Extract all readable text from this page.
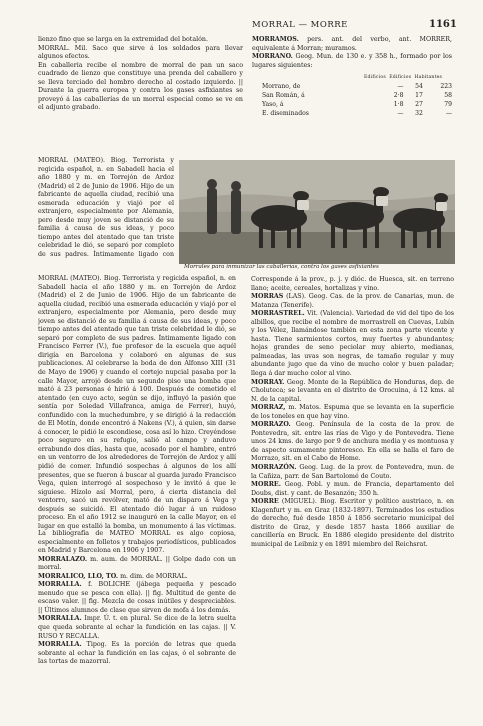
MORRAL — MORRE	1161

lienzo fino que se larga en la extremidad del botalón.

MORRAL. Mil. Saco que sirve á los soldados para llevar algunos efectos.

En caballería recibe el nombre de morral de pan un saco cuadrado de lienzo que constituye una prenda del caballero y se lleva terciado del hombro derecho al costado izquierdo. || Durante la guerra europea y contra los gases asfixiantes se proveyó á las caballerías de un morral especial como se ve en el adjunto grabado.

MORRAL (MATEO). Biog. Terrorista y regicida español, n. en Sabadell hacia el año 1880 y m. en Torrejón de Ardoz (Madrid) el 2 de Junio de 1906. Hijo de un fabricante de aquella ciudad, recibió una esmerada educación y viajó por el extranjero, especialmente por Alemania, pero desde muy joven se distanció de su familia á causa de sus ideas, y poco tiempo antes del atentado que tan triste celebridad le dió, se separó por completo de sus padres. Íntimamente ligado con

Morrales para inmunizar las caballerías, contra los gases asfixiantes

MORRAL (MATEO). Biog. Terrorista y regicida español, n. en Sabadell hacia el año 1880 y m. en Torrejón de Ardoz (Madrid) el 2 de Junio de 1906. Hijo de un fabricante de aquella ciudad, recibió una esmerada educación y viajó por el extranjero, especialmente por Alemania, pero desde muy joven se distanció de su familia á causa de sus ideas, y poco tiempo antes del atentado que tan triste celebridad le dió, se separó por completo de sus padres. Íntimamente ligado con Francisco Ferrer (V.), fue profesor de la escuela que aquél dirigía en Barcelona y colaboró en algunas de sus publicaciones. Al celebrarse la boda de don Alfonso XIII (31 de Mayo de 1906) y cuando el cortejo nupcial pasaba por la calle Mayor, arrojó desde un segundo piso una bomba que mató á 23 personas é hirió á 100. Después de cometido el atentado (en cuyo acto, según se dijo, influyó la pasión que sentía por Soledad Villafranca, amiga de Ferrer), huyó, confundido con la muchedumbre, y se dirigió á la redacción de El Motín, donde encontró á Nakens (V.), á quien, sin darse á conocer, le pidió le escondiese, cosa así lo hizo. Creyéndose poco seguro en su refugio, salió al campo y anduvo errabundo dos días, hasta que, acosado por el hambre, entró en un ventorro de los alrededores de Torrejón de Ardoz y allí pidió de comer. Infundió sospechas á algunos de los allí presentes, que se fueron á buscar al guarda jurado Francisco Vega, quien interrogó al sospechoso y le invitó á que le siguiese. Hízolo así Morral, pero, á cierta distancia del ventorro, sacó un revólver, mató de un disparo á Vega y después se suicidó. El atentado dió lugar á un ruidoso proceso. En el año 1912 se inauguró en la calle Mayor, en el lugar en que estalló la bomba, un monumento á las víctimas.

La bibliografía de MATEO MORRAL es algo copiosa, especialmente en folletos y trabajos periodísticos, publicados en Madrid y Barcelona en 1906 y 1907.

MORRALAZO. m. aum. de MORRAL. || Golpe dado con un morral.

MORRALICO, LLO, TO. m. dim. de MORRAL.

MORRALLA. f. BOLICHE (jábega pequeña y pescado menudo que se pesca con ella). || fig. Multitud de gente de escaso valer. || fig. Mezcla de cosas inútiles y despreciables. || Últimos alumnos de clase que sirven de mofa á los demás.

MORRALLA. Impr. Ú. t. en plural. Se dice de la letra suelta que queda sobrante al echar la fundición en las cajas. || V. RUSO Y RECALLA.

MORRALLA. Tipog. Es la porción de letras que queda sobrante al echar la fundición en las cajas, ó el sobrante de las tortas de mazorral.

MORRAMOS. pers. ant. del verbo, ant. MORRER, equivalente á Morran; muramos.

MORRANO. Geog. Mun. de 130 e. y 358 h., formado por los lugares siguientes:

Edificios Edificios Habitantes
Morrano, de	—	54	223
San Román, á	2·8	17	58
Yaso, á	1·8	27	79
E. diseminados	—	32	—

Corresponde á la prov., p. j. y dióc. de Huesca, sit. en terreno llano; aceite, cereales, hortalizas y vino.

MORRAS (LAS). Geog. Cas. de la prov. de Canarias, mun. de Matanza (Tenerife).

MORRASTREL. Vit. (Valencia). Variedad de vid del tipo de los albillos, que recibe el nombre de morrastrell en Cuevas, Lubín y los Vélez, llamándose también en esta zona parte vicente y hasta. Tiene sarmientos cortos, muy fuertes y abundantes; hojas grandes de seno peciolar muy abierto, medianas, palmeadas, las uvas son negras, de tamaño regular y muy abundante jugo que da vino de mucho color y buen paladar; llega á dar mucho color al vino.

MORRAY. Geog. Monte de la República de Honduras, dep. de Choluteca; se levanta en el distrito de Orocuina, á 12 kms. al N. de la capital.

MORRAZ, m. Matos. Espuma que se levanta en la superficie de los toneles en que hay vino.

MORRAZO. Geog. Península de la costa de la prov. de Pontevedra, sit. entre las rías de Vigo y de Pontevedra. Tiene unos 24 kms. de largo por 9 de anchura media y es montuosa y de aspecto sumamente pintoresco. En ella se halla el faro de Morrazo, sit. en el Cabo de Home.

MORRAZÓN. Geog. Lug. de la prov. de Pontevedra, mun. de la Cañiza, parr. de San Bartolomé de Couto.

MORRE. Geog. Pobl. y mun. de Francia, departamento del Doubs, dist. y cant. de Besanzón; 350 h.

MORRE (MIGUEL). Biog. Escritor y político austriaco, n. en Klagenfurt y m. en Graz (1832-1897). Terminados los estudios de derecho, fué desde 1850 á 1856 secretario municipal del distrito de Graz, y desde 1857 hasta 1866 auxiliar de cancillería en Bruck. En 1886 elegido presidente del distrito municipal de Leibniz y en 1891 miembro del Reichsrat.
